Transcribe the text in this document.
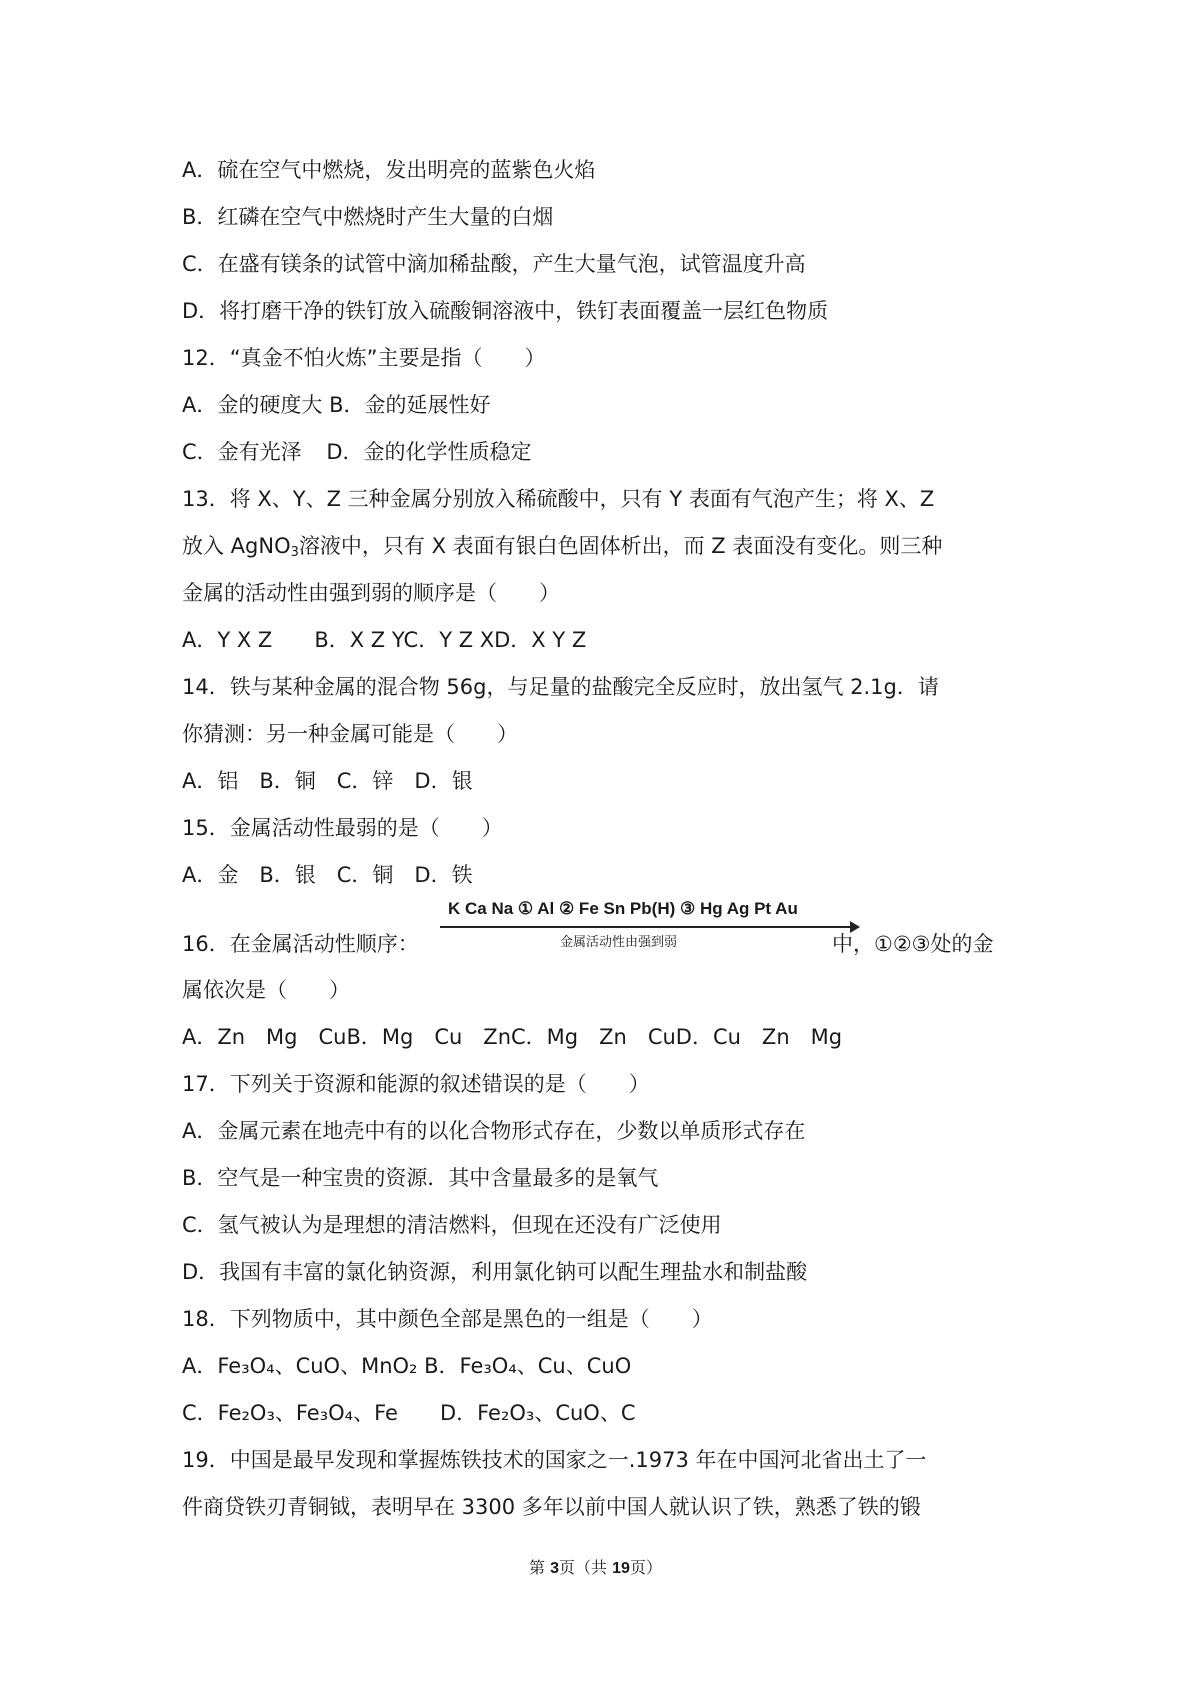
A．硫在空气中燃烧，发出明亮的蓝紫色火焰
B．红磷在空气中燃烧时产生大量的白烟
C．在盛有镁条的试管中滴加稀盐酸，产生大量气泡，试管温度升高
D．将打磨干净的铁钉放入硫酸铜溶液中，铁钉表面覆盖一层红色物质
12．“真金不怕火炼”主要是指（　　）
A．金的硬度大 B．金的延展性好
C．金有光泽 D．金的化学性质稳定
13．将 X、Y、Z 三种金属分别放入稀硫酸中，只有 Y 表面有气泡产生；将 X、Z
放入 AgNO$_3$溶液中，只有 X 表面有银白色固体析出，而 Z 表面没有变化。则三种
金属的活动性由强到弱的顺序是（　　）
A．Y X Z　　B．X Z YC．Y Z XD．X Y Z
14．铁与某种金属的混合物 56g，与足量的盐酸完全反应时，放出氢气 2.1g．请
你猜测：另一种金属可能是（　　）
A．铝　B．铜　C．锌　D．银
15．金属活动性最弱的是（　　）
A．金　B．银　C．铜　D．铁
16．在金属活动性顺序：
K Ca Na ① Al ② Fe Sn Pb(H) ③ Hg Ag Pt Au
金属活动性由强到弱	中，①②③处的金
属依次是（　　）
A．Zn　Mg　CuB．Mg　Cu　ZnC．Mg　Zn　CuD．Cu　Zn　Mg
17．下列关于资源和能源的叙述错误的是（　　）
A．金属元素在地壳中有的以化合物形式存在，少数以单质形式存在
B．空气是一种宝贵的资源．其中含量最多的是氧气
C．氢气被认为是理想的清洁燃料，但现在还没有广泛使用
D．我国有丰富的氯化钠资源，利用氯化钠可以配生理盐水和制盐酸
18．下列物质中，其中颜色全部是黑色的一组是（　　）
A．Fe₃O₄、CuO、MnO₂ B．Fe₃O₄、Cu、CuO
C．Fe₂O₃、Fe₃O₄、Fe　　D．Fe₂O₃、CuO、C
19．中国是最早发现和掌握炼铁技术的国家之一.1973 年在中国河北省出土了一
件商贷铁刃青铜钺，表明早在 3300 多年以前中国人就认识了铁，熟悉了铁的锻
第 3页（共 19页）
